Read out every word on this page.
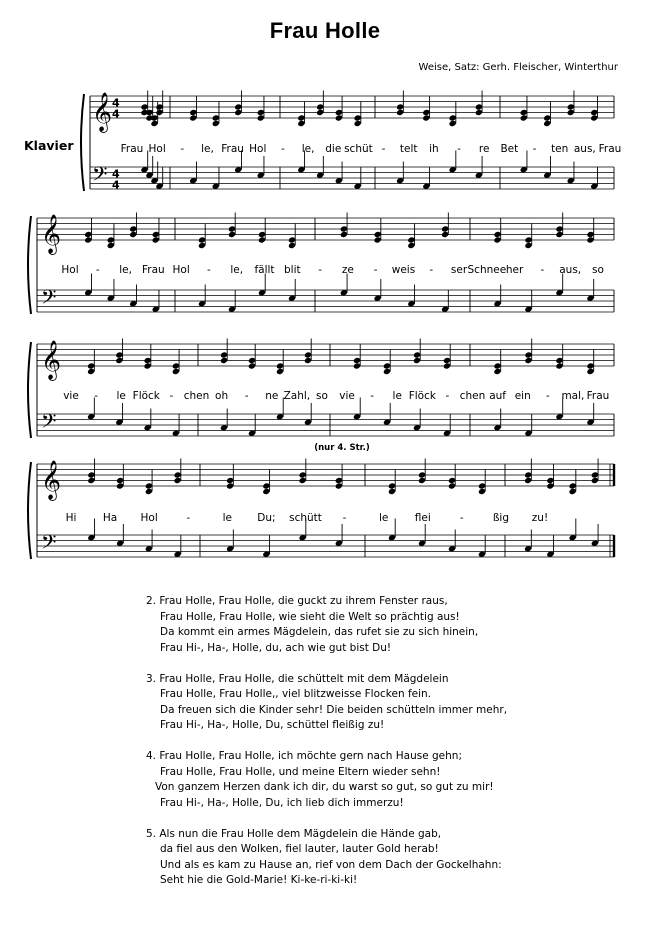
Frau Holle
Weise, Satz: Gerh. Fleischer, Winterthur
Klavier
𝄞
𝄢
4
4
4
4
Frau Hol - le, Frau Hol - le, die schüt - telt ih - re Bet - ten aus, Frau
𝄞
𝄢
Hol - le, Frau Hol - le, fällt blit - ze - weis - ser Schnee her - aus, so
𝄞
𝄢
vie - le Flöck - chen oh - ne Zahl, so vie - le Flöck - chen auf ein - mal, Frau
𝄞
𝄢
Hi	Ha Hol	-	le Du; schütt -	le	flei	-	ßig zu!
(nur 4. Str.)
2. Frau Holle, Frau Holle, die guckt zu ihrem Fenster raus,
Frau Holle, Frau Holle, wie sieht die Welt so prächtig aus!
Da kommt ein armes Mägdelein, das rufet sie zu sich hinein,
Frau Hi-, Ha-, Holle, du, ach wie gut bist Du!
3. Frau Holle, Frau Holle, die schüttelt mit dem Mägdelein
Frau Holle, Frau Holle,, viel blitzweisse Flocken fein.
Da freuen sich die Kinder sehr! Die beiden schütteln immer mehr,
Frau Hi-, Ha-, Holle, Du, schüttel fleißig zu!
4. Frau Holle, Frau Holle, ich möchte gern nach Hause gehn;
Frau Holle, Frau Holle, und meine Eltern wieder sehn!
Von ganzem Herzen dank ich dir, du warst so gut, so gut zu mir!
Frau Hi-, Ha-, Holle, Du, ich lieb dich immerzu!
5. Als nun die Frau Holle dem Mägdelein die Hände gab,
da fiel aus den Wolken, fiel lauter, lauter Gold herab!
Und als es kam zu Hause an, rief von dem Dach der Gockelhahn:
Seht hie die Gold-Marie! Ki-ke-ri-ki-ki!
